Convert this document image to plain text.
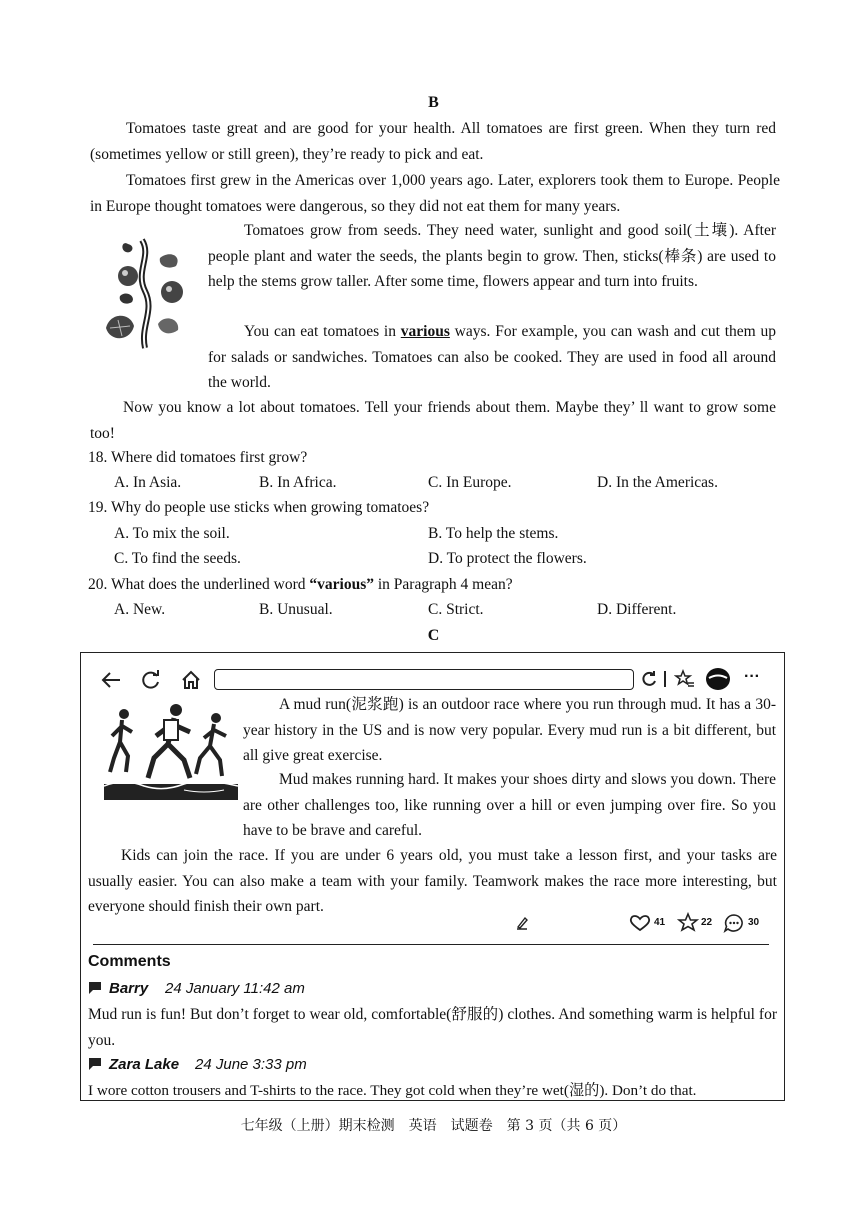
B
Tomatoes taste great and are good for your health. All tomatoes are first green. When they turn red (sometimes yellow or still green), they’re ready to pick and eat.
Tomatoes first grew in the Americas over 1,000 years ago. Later, explorers took them to Europe. People in Europe thought tomatoes were dangerous, so they did not eat them for many years.
Tomatoes grow from seeds. They need water, sunlight and good soil(土壤). After people plant and water the seeds, the plants begin to grow. Then, sticks(棒条) are used to help the stems grow taller. After some time, flowers appear and turn into fruits.
You can eat tomatoes in various ways. For example, you can wash and cut them up for salads or sandwiches. Tomatoes can also be cooked. They are used in food all around the world.
Now you know a lot about tomatoes. Tell your friends about them. Maybe they’ ll want to grow some too!
18. Where did tomatoes first grow?
A. In Asia.	B. In Africa.	C. In Europe.	D. In the Americas.
19. Why do people use sticks when growing tomatoes?
A. To mix the soil.	B. To help the stems.
C. To find the seeds.	D. To protect the flowers.
20. What does the underlined word “various” in Paragraph 4 mean?
A. New.	B. Unusual.	C. Strict.	D. Different.
C
···
A mud run(泥浆跑) is an outdoor race where you run through mud. It has a 30-year history in the US and is now very popular. Every mud run is a bit different, but all give great exercise.
Mud makes running hard. It makes your shoes dirty and slows you down. There are other challenges too, like running over a hill or even jumping over fire. So you have to be brave and careful.
Kids can join the race. If you are under 6 years old, you must take a lesson first, and your tasks are usually easier. You can also make a team with your family. Teamwork makes the race more interesting, but everyone should finish their own part.
41	22	30
Comments
Barry 24 January 11:42 am
Mud run is fun! But don’t forget to wear old, comfortable(舒服的) clothes. And something warm is helpful for you.
Zara Lake 24 June 3:33 pm
I wore cotton trousers and T-shirts to the race. They got cold when they’re wet(湿的). Don’t do that.
七年级（上册）期末检测　英语　试题卷　第 3 页（共 6 页）
